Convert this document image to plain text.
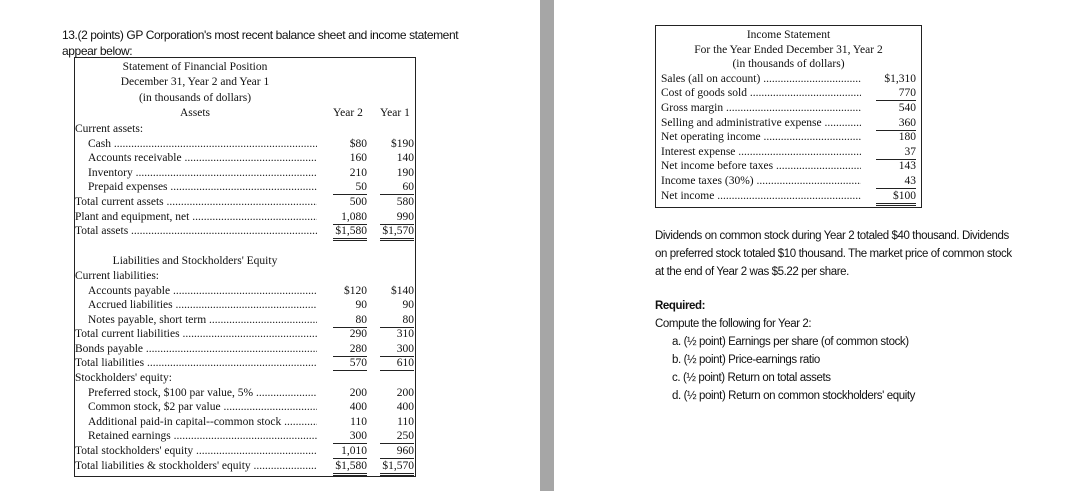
13.(2 points) GP Corporation's most recent balance sheet and income statement
appear below:
Statement of Financial Position
December 31, Year 2 and Year 1
(in thousands of dollars)
Assets	Year 2 Year 1
Current assets:
Cash .....	$80	$190
Accounts receivable .....	160	140
Inventory .....	210	190
Prepaid expenses .....	50	60
Total current assets .....	500	580
Plant and equipment, net .....	1,080	990
Total assets .....	$1,580 $1,570
Liabilities and Stockholders' Equity
Current liabilities:
Accounts payable .....	$120	$140
Accrued liabilities .....	90	90
Notes payable, short term .....	80	80
Total current liabilities .....	290	310
Bonds payable .....	280	300
Total liabilities .....	570	610
Stockholders' equity:
Preferred stock, $100 par value, 5% .....	200	200
Common stock, $2 par value .....	400	400
Additional paid-in capital--common stock .....	110	110
Retained earnings .....	300	250
Total stockholders' equity .....	1,010	960
Total liabilities & stockholders' equity .....	$1,580 $1,570
Income Statement
For the Year Ended December 31, Year 2
(in thousands of dollars)
Sales (all on account) .....	$1,310
Cost of goods sold .....	770
Gross margin .....	540
Selling and administrative expense .....	360
Net operating income .....	180
Interest expense .....	37
Net income before taxes .....	143
Income taxes (30%) .....	43
Net income .....	$100
Dividends on common stock during Year 2 totaled $40 thousand. Dividends
on preferred stock totaled $10 thousand. The market price of common stock
at the end of Year 2 was $5.22 per share.
Required:
Compute the following for Year 2:
a. (½ point) Earnings per share (of common stock)
b. (½ point) Price-earnings ratio
c. (½ point) Return on total assets
d. (½ point) Return on common stockholders' equity
